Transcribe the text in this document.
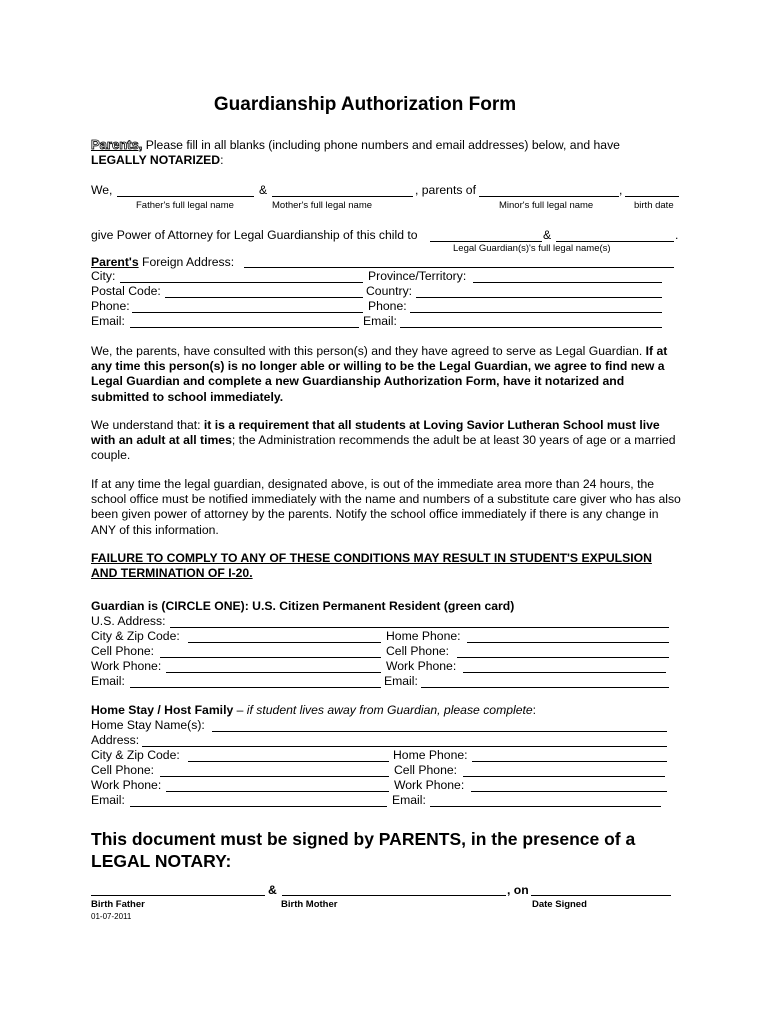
Guardianship Authorization Form
Parents, Please fill in all blanks (including phone numbers and email addresses) below, and have
LEGALLY NOTARIZED:
We,	&	, parents of	,
Father's full legal name	Mother's full legal name	Minor's full legal name	birth date
give Power of Attorney for Legal Guardianship of this child to	&	.
Legal Guardian(s)'s full legal name(s)
Parent's Foreign Address:
City:	Province/Territory:
Postal Code:	Country:
Phone:	Phone:
Email:	Email:
We, the parents, have consulted with this person(s) and they have agreed to serve as Legal Guardian. If at any time this person(s) is no longer able or willing to be the Legal Guardian, we agree to find new a Legal Guardian and complete a new Guardianship Authorization Form, have it notarized and submitted to school immediately.
We understand that: it is a requirement that all students at Loving Savior Lutheran School must live with an adult at all times; the Administration recommends the adult be at least 30 years of age or a married couple.
If at any time the legal guardian, designated above, is out of the immediate area more than 24 hours, the school office must be notified immediately with the name and numbers of a substitute care giver who has also been given power of attorney by the parents. Notify the school office immediately if there is any change in ANY of this information.
FAILURE TO COMPLY TO ANY OF THESE CONDITIONS MAY RESULT IN STUDENT'S EXPULSION
AND TERMINATION OF I-20.
Guardian is (CIRCLE ONE): U.S. Citizen Permanent Resident (green card)
U.S. Address:
City & Zip Code:	Home Phone:
Cell Phone:	Cell Phone:
Work Phone:	Work Phone:
Email:	Email:
Home Stay / Host Family – if student lives away from Guardian, please complete:
Home Stay Name(s):
Address:
City & Zip Code:	Home Phone:
Cell Phone:	Cell Phone:
Work Phone:	Work Phone:
Email:	Email:
This document must be signed by PARENTS, in the presence of a
LEGAL NOTARY:
&	, on
Birth Father	Birth Mother	Date Signed
01-07-2011
